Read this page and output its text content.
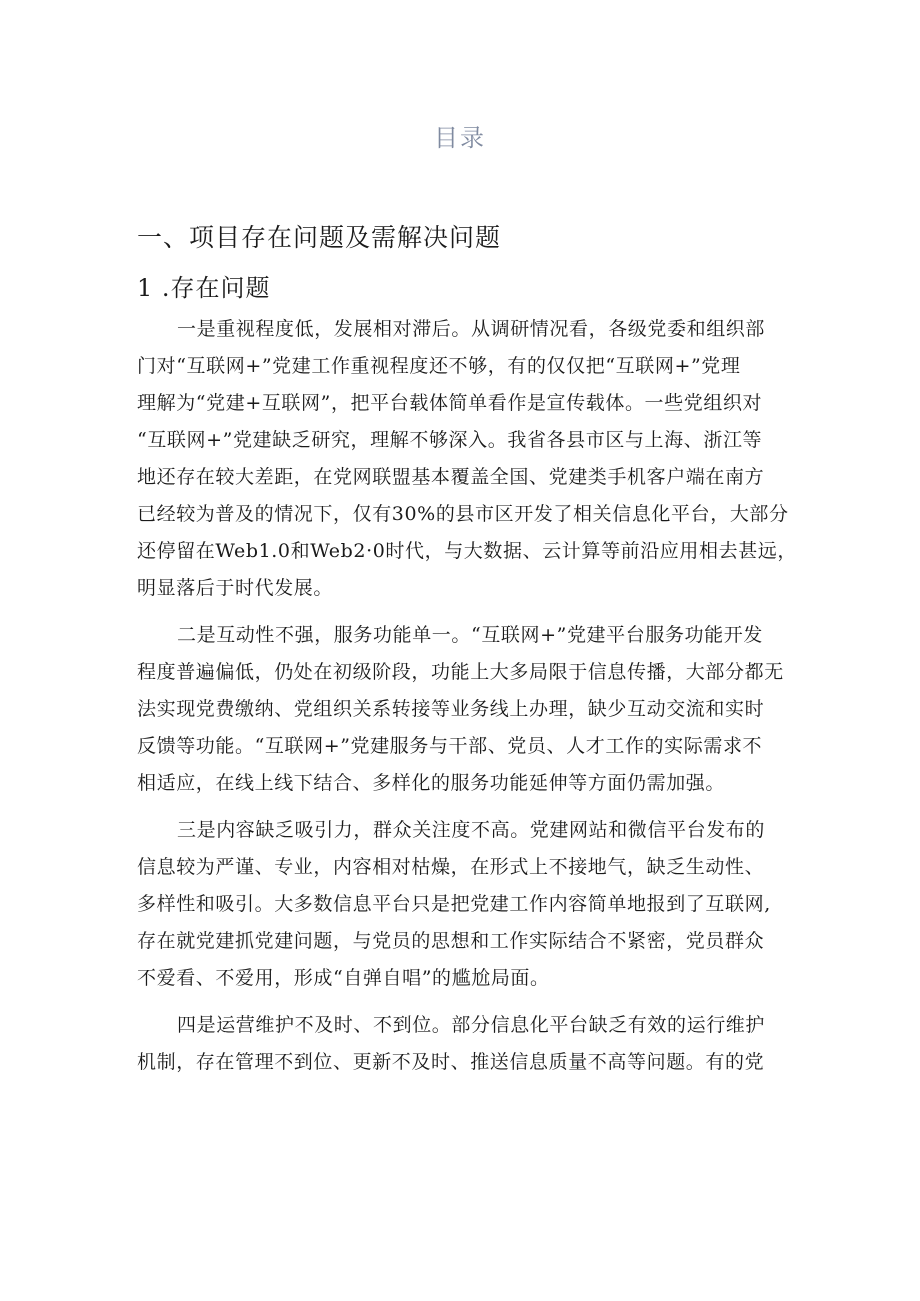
目录
一、项目存在问题及需解决问题
1 .存在问题
一是重视程度低，发展相对滞后。从调研情况看，各级党委和组织部
门对“互联网+”党建工作重视程度还不够，有的仅仅把“互联网+”党理
理解为“党建+互联网”，把平台载体简单看作是宣传载体。一些党组织对
“互联网+”党建缺乏研究，理解不够深入。我省各县市区与上海、浙江等
地还存在较大差距，在党网联盟基本覆盖全国、党建类手机客户端在南方
已经较为普及的情况下，仅有30%的县市区开发了相关信息化平台，大部分
还停留在Web1.0和Web2·0时代，与大数据、云计算等前沿应用相去甚远，
明显落后于时代发展。
二是互动性不强，服务功能单一。“互联网+”党建平台服务功能开发
程度普遍偏低，仍处在初级阶段，功能上大多局限于信息传播，大部分都无
法实现党费缴纳、党组织关系转接等业务线上办理，缺少互动交流和实时
反馈等功能。“互联网+”党建服务与干部、党员、人才工作的实际需求不
相适应，在线上线下结合、多样化的服务功能延伸等方面仍需加强。
三是内容缺乏吸引力，群众关注度不高。党建网站和微信平台发布的
信息较为严谨、专业，内容相对枯燥，在形式上不接地气，缺乏生动性、
多样性和吸引。大多数信息平台只是把党建工作内容简单地报到了互联网,
存在就党建抓党建问题，与党员的思想和工作实际结合不紧密，党员群众
不爱看、不爱用，形成“自弹自唱”的尴尬局面。
四是运营维护不及时、不到位。部分信息化平台缺乏有效的运行维护
机制，存在管理不到位、更新不及时、推送信息质量不高等问题。有的党
